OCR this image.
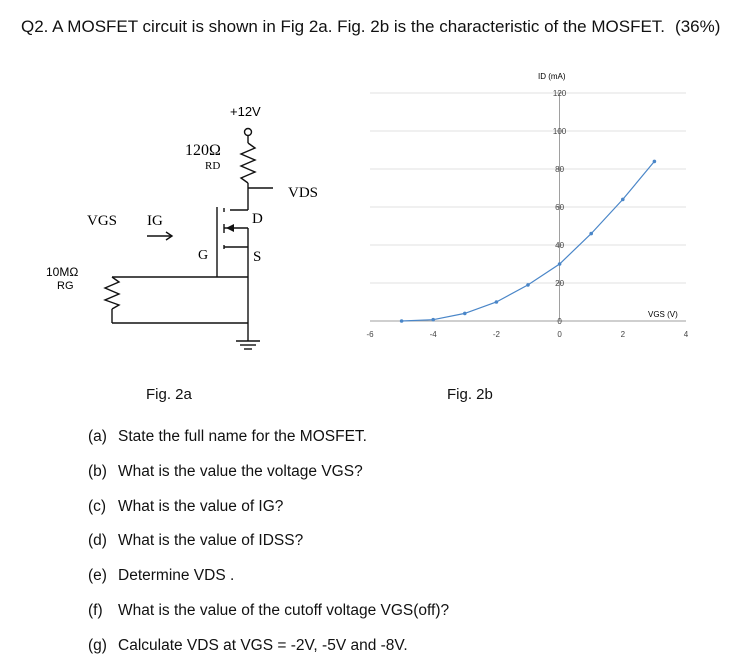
Q2. A MOSFET circuit is shown in Fig 2a. Fig. 2b is the characteristic of the MOSFET. (36%)
+12V
120Ω
RD
VDS
D
VGS IG
G	S
10MΩ
RG
0
20
40
60
80
100
120
-6	-4	-2	0	2	4
ID (mA)
VGS (V)
Fig. 2a	Fig. 2b
(a) State the full name for the MOSFET.
(b) What is the value the voltage VGS?
(c) What is the value of IG?
(d) What is the value of IDSS?
(e) Determine VDS .
(f) What is the value of the cutoff voltage VGS(off)?
(g) Calculate VDS at VGS = -2V, -5V and -8V.
